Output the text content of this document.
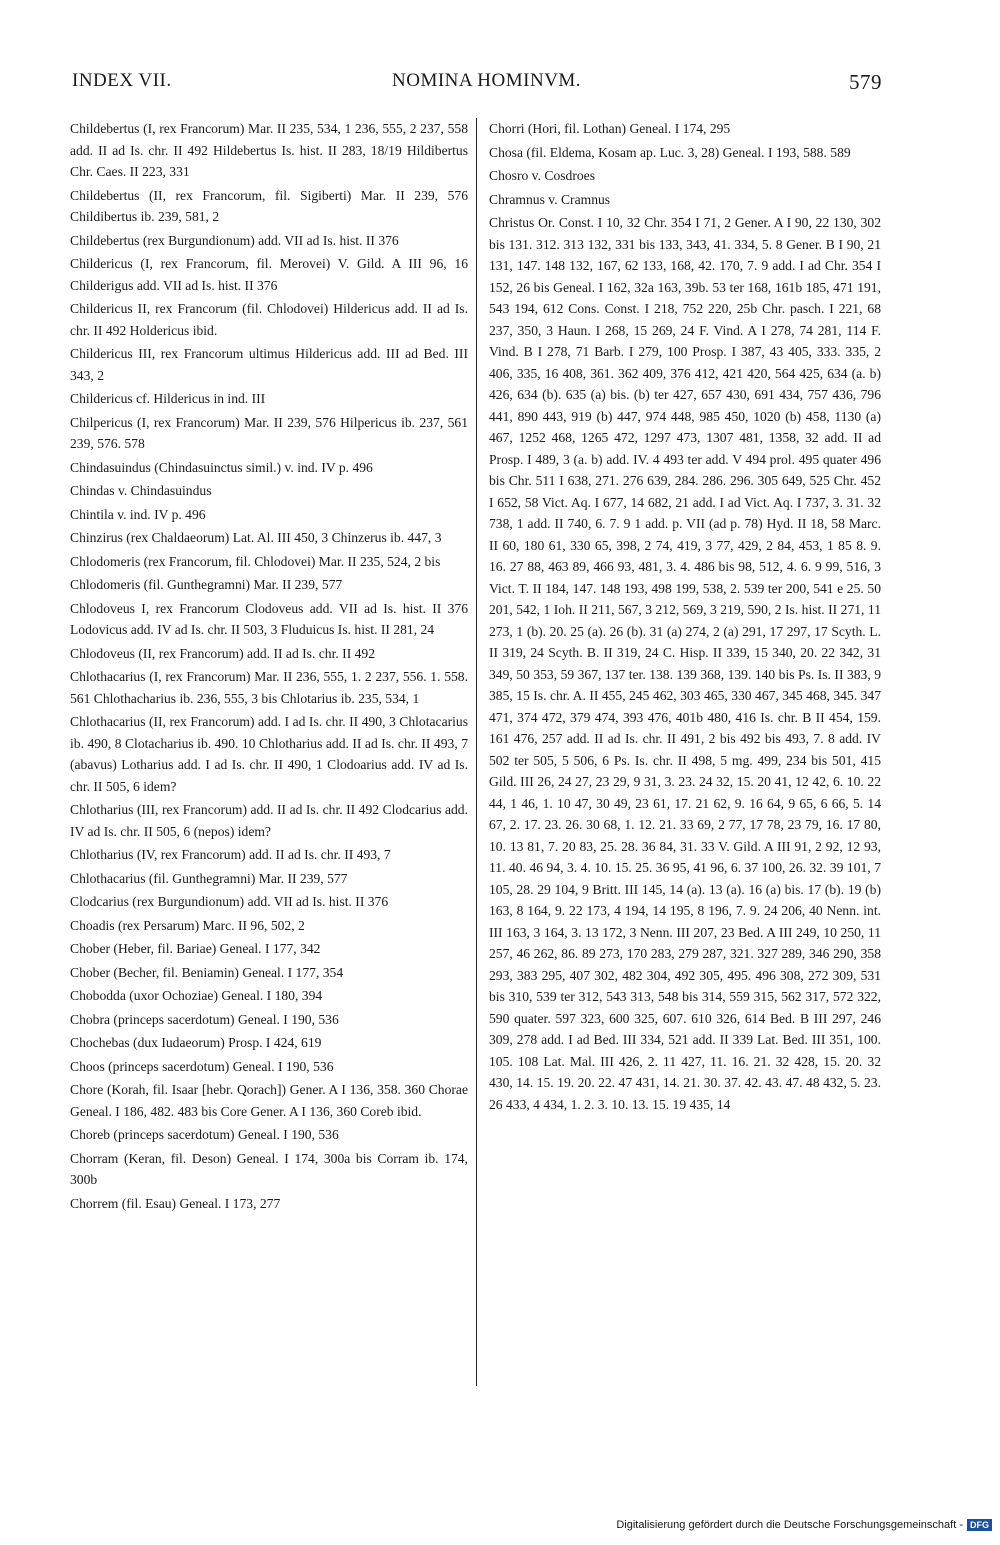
INDEX VII.	NOMINA HOMINVM.	579
Childebertus (I, rex Francorum) Mar. II 235, 534, 1 236, 555, 2 237, 558 add. II ad Is. chr. II 492 Hildebertus Is. hist. II 283, 18/19 Hildibertus Chr. Caes. II 223, 331
Childebertus (II, rex Francorum, fil. Sigiberti) Mar. II 239, 576 Childibertus ib. 239, 581, 2
Childebertus (rex Burgundionum) add. VII ad Is. hist. II 376
Childericus (I, rex Francorum, fil. Merovei) V. Gild. A III 96, 16 Childerigus add. VII ad Is. hist. II 376
Childericus II, rex Francorum (fil. Chlodovei) Hildericus add. II ad Is. chr. II 492 Holdericus ibid.
Childericus III, rex Francorum ultimus Hildericus add. III ad Bed. III 343, 2
Childericus cf. Hildericus in ind. III
Chilpericus (I, rex Francorum) Mar. II 239, 576 Hilpericus ib. 237, 561 239, 576. 578
Chindasuindus (Chindasuinctus simil.) v. ind. IV p. 496
Chindas v. Chindasuindus
Chintila v. ind. IV p. 496
Chinzirus (rex Chaldaeorum) Lat. Al. III 450, 3 Chinzerus ib. 447, 3
Chlodomeris (rex Francorum, fil. Chlodovei) Mar. II 235, 524, 2 bis
Chlodomeris (fil. Gunthegramni) Mar. II 239, 577
Chlodoveus I, rex Francorum Clodoveus add. VII ad Is. hist. II 376 Lodovicus add. IV ad Is. chr. II 503, 3 Fluduicus Is. hist. II 281, 24
Chlodoveus (II, rex Francorum) add. II ad Is. chr. II 492
Chlothacarius (I, rex Francorum) Mar. II 236, 555, 1. 2 237, 556. 1. 558. 561 Chlothacharius ib. 236, 555, 3 bis Chlotarius ib. 235, 534, 1
Chlothacarius (II, rex Francorum) add. I ad Is. chr. II 490, 3 Chlotacarius ib. 490, 8 Clotacharius ib. 490. 10 Chlotharius add. II ad Is. chr. II 493, 7 (abavus) Lotharius add. I ad Is. chr. II 490, 1 Clodoarius add. IV ad Is. chr. II 505, 6 idem?
Chlotharius (III, rex Francorum) add. II ad Is. chr. II 492 Clodcarius add. IV ad Is. chr. II 505, 6 (nepos) idem?
Chlotharius (IV, rex Francorum) add. II ad Is. chr. II 493, 7
Chlothacarius (fil. Gunthegramni) Mar. II 239, 577
Clodcarius (rex Burgundionum) add. VII ad Is. hist. II 376
Choadis (rex Persarum) Marc. II 96, 502, 2
Chober (Heber, fil. Bariae) Geneal. I 177, 342
Chober (Becher, fil. Beniamin) Geneal. I 177, 354
Chobodda (uxor Ochoziae) Geneal. I 180, 394
Chobra (princeps sacerdotum) Geneal. I 190, 536
Chochebas (dux Iudaeorum) Prosp. I 424, 619
Choos (princeps sacerdotum) Geneal. I 190, 536
Chore (Korah, fil. Isaar [hebr. Qorach]) Gener. A I 136, 358. 360 Chorae Geneal. I 186, 482. 483 bis Core Gener. A I 136, 360 Coreb ibid.
Choreb (princeps sacerdotum) Geneal. I 190, 536
Chorram (Keran, fil. Deson) Geneal. I 174, 300a bis Corram ib. 174, 300b
Chorrem (fil. Esau) Geneal. I 173, 277
Chorri (Hori, fil. Lothan) Geneal. I 174, 295
Chosa (fil. Eldema, Kosam ap. Luc. 3, 28) Geneal. I 193, 588. 589
Chosro v. Cosdroes
Chramnus v. Cramnus
Christus Or. Const. I 10, 32 Chr. 354 I 71, 2 Gener. A I 90, 22 130, 302 bis 131. 312. 313 132, 331 bis 133, 343, 41. 334, 5. 8 Gener. B I 90, 21 131, 147. 148 132, 167, 62 133, 168, 42. 170, 7. 9 add. I ad Chr. 354 I 152, 26 bis Geneal. I 162, 32a 163, 39b. 53 ter 168, 161b 185, 471 191, 543 194, 612 Cons. Const. I 218, 752 220, 25b Chr. pasch. I 221, 68 237, 350, 3 Haun. I 268, 15 269, 24 F. Vind. A I 278, 74 281, 114 F. Vind. B I 278, 71 Barb. I 279, 100 Prosp. I 387, 43 405, 333. 335, 2 406, 335, 16 408, 361. 362 409, 376 412, 421 420, 564 425, 634 (a. b) 426, 634 (b). 635 (a) bis. (b) ter 427, 657 430, 691 434, 757 436, 796 441, 890 443, 919 (b) 447, 974 448, 985 450, 1020 (b) 458, 1130 (a) 467, 1252 468, 1265 472, 1297 473, 1307 481, 1358, 32 add. II ad Prosp. I 489, 3 (a. b) add. IV. 4 493 ter add. V 494 prol. 495 quater 496 bis Chr. 511 I 638, 271. 276 639, 284. 286. 296. 305 649, 525 Chr. 452 I 652, 58 Vict. Aq. I 677, 14 682, 21 add. I ad Vict. Aq. I 737, 3. 31. 32 738, 1 add. II 740, 6. 7. 9 1 add. p. VII (ad p. 78) Hyd. II 18, 58 Marc. II 60, 180 61, 330 65, 398, 2 74, 419, 3 77, 429, 2 84, 453, 1 85 8. 9. 16. 27 88, 463 89, 466 93, 481, 3. 4. 486 bis 98, 512, 4. 6. 9 99, 516, 3 Vict. T. II 184, 147. 148 193, 498 199, 538, 2. 539 ter 200, 541 e 25. 50 201, 542, 1 Ioh. II 211, 567, 3 212, 569, 3 219, 590, 2 Is. hist. II 271, 11 273, 1 (b). 20. 25 (a). 26 (b). 31 (a) 274, 2 (a) 291, 17 297, 17 Scyth. L. II 319, 24 Scyth. B. II 319, 24 C. Hisp. II 339, 15 340, 20. 22 342, 31 349, 50 353, 59 367, 137 ter. 138. 139 368, 139. 140 bis Ps. Is. II 383, 9 385, 15 Is. chr. A. II 455, 245 462, 303 465, 330 467, 345 468, 345. 347 471, 374 472, 379 474, 393 476, 401b 480, 416 Is. chr. B II 454, 159. 161 476, 257 add. II ad Is. chr. II 491, 2 bis 492 bis 493, 7. 8 add. IV 502 ter 505, 5 506, 6 Ps. Is. chr. II 498, 5 mg. 499, 234 bis 501, 415 Gild. III 26, 24 27, 23 29, 9 31, 3. 23. 24 32, 15. 20 41, 12 42, 6. 10. 22 44, 1 46, 1. 10 47, 30 49, 23 61, 17. 21 62, 9. 16 64, 9 65, 6 66, 5. 14 67, 2. 17. 23. 26. 30 68, 1. 12. 21. 33 69, 2 77, 17 78, 23 79, 16. 17 80, 10. 13 81, 7. 20 83, 25. 28. 36 84, 31. 33 V. Gild. A III 91, 2 92, 12 93, 11. 40. 46 94, 3. 4. 10. 15. 25. 36 95, 41 96, 6. 37 100, 26. 32. 39 101, 7 105, 28. 29 104, 9 Britt. III 145, 14 (a). 13 (a). 16 (a) bis. 17 (b). 19 (b) 163, 8 164, 9. 22 173, 4 194, 14 195, 8 196, 7. 9. 24 206, 40 Nenn. int. III 163, 3 164, 3. 13 172, 3 Nenn. III 207, 23 Bed. A III 249, 10 250, 11 257, 46 262, 86. 89 273, 170 283, 279 287, 321. 327 289, 346 290, 358 293, 383 295, 407 302, 482 304, 492 305, 495. 496 308, 272 309, 531 bis 310, 539 ter 312, 543 313, 548 bis 314, 559 315, 562 317, 572 322, 590 quater. 597 323, 600 325, 607. 610 326, 614 Bed. B III 297, 246 309, 278 add. I ad Bed. III 334, 521 add. II 339 Lat. Bed. III 351, 100. 105. 108 Lat. Mal. III 426, 2. 11 427, 11. 16. 21. 32 428, 15. 20. 32 430, 14. 15. 19. 20. 22. 47 431, 14. 21. 30. 37. 42. 43. 47. 48 432, 5. 23. 26 433, 4 434, 1. 2. 3. 10. 13. 15. 19 435, 14
Digitalisierung gefördert durch die Deutsche Forschungsgemeinschaft - DFG
